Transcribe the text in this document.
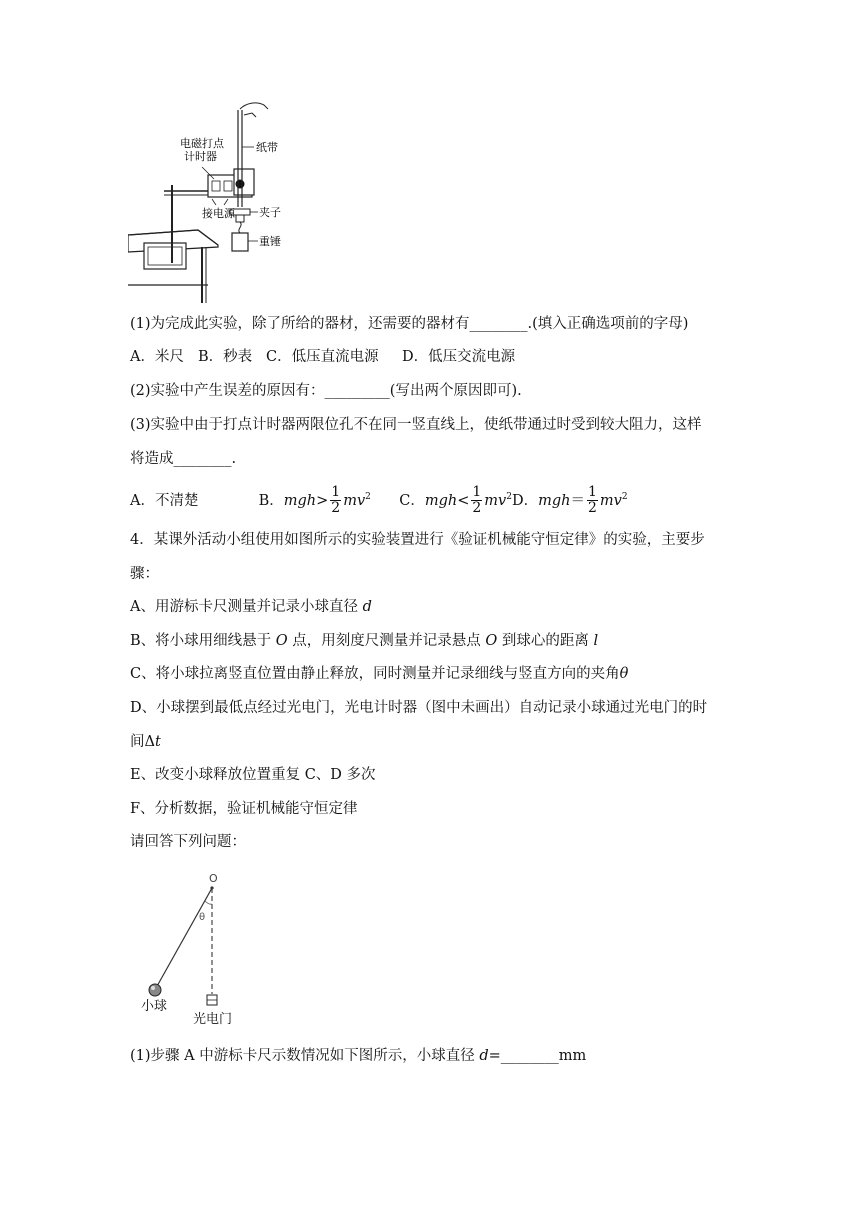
电磁打点
计时器
纸带
接电源 夹子
重锤
(1)为完成此实验，除了所给的器材，还需要的器材有________.(填入正确选项前的字母)
A．米尺 B．秒表 C．低压直流电源 D．低压交流电源
(2)实验中产生误差的原因有：_________(写出两个原因即可).
(3)实验中由于打点计时器两限位孔不在同一竖直线上，使纸带通过时受到较大阻力，这样
将造成________.
A．不清楚	B．$mgh> \frac{1}{2} mv^2$ C．$mgh< \frac{1}{2} mv^2D$．$mgh= \frac{1}{2} mv^2$
4．某课外活动小组使用如图所示的实验装置进行《验证机械能守恒定律》的实验，主要步
骤：
A、用游标卡尺测量并记录小球直径 d
B、将小球用细线悬于 O 点，用刻度尺测量并记录悬点 O 到球心的距离 l
C、将小球拉离竖直位置由静止释放，同时测量并记录细线与竖直方向的夹角θ
D、小球摆到最低点经过光电门，光电计时器（图中未画出）自动记录小球通过光电门的时
间Δt
E、改变小球释放位置重复 C、D 多次
F、分析数据，验证机械能守恒定律
请回答下列问题：
O
θ
小球
光电门
(1)步骤 A 中游标卡尺示数情况如下图所示，小球直径 d=________mm
